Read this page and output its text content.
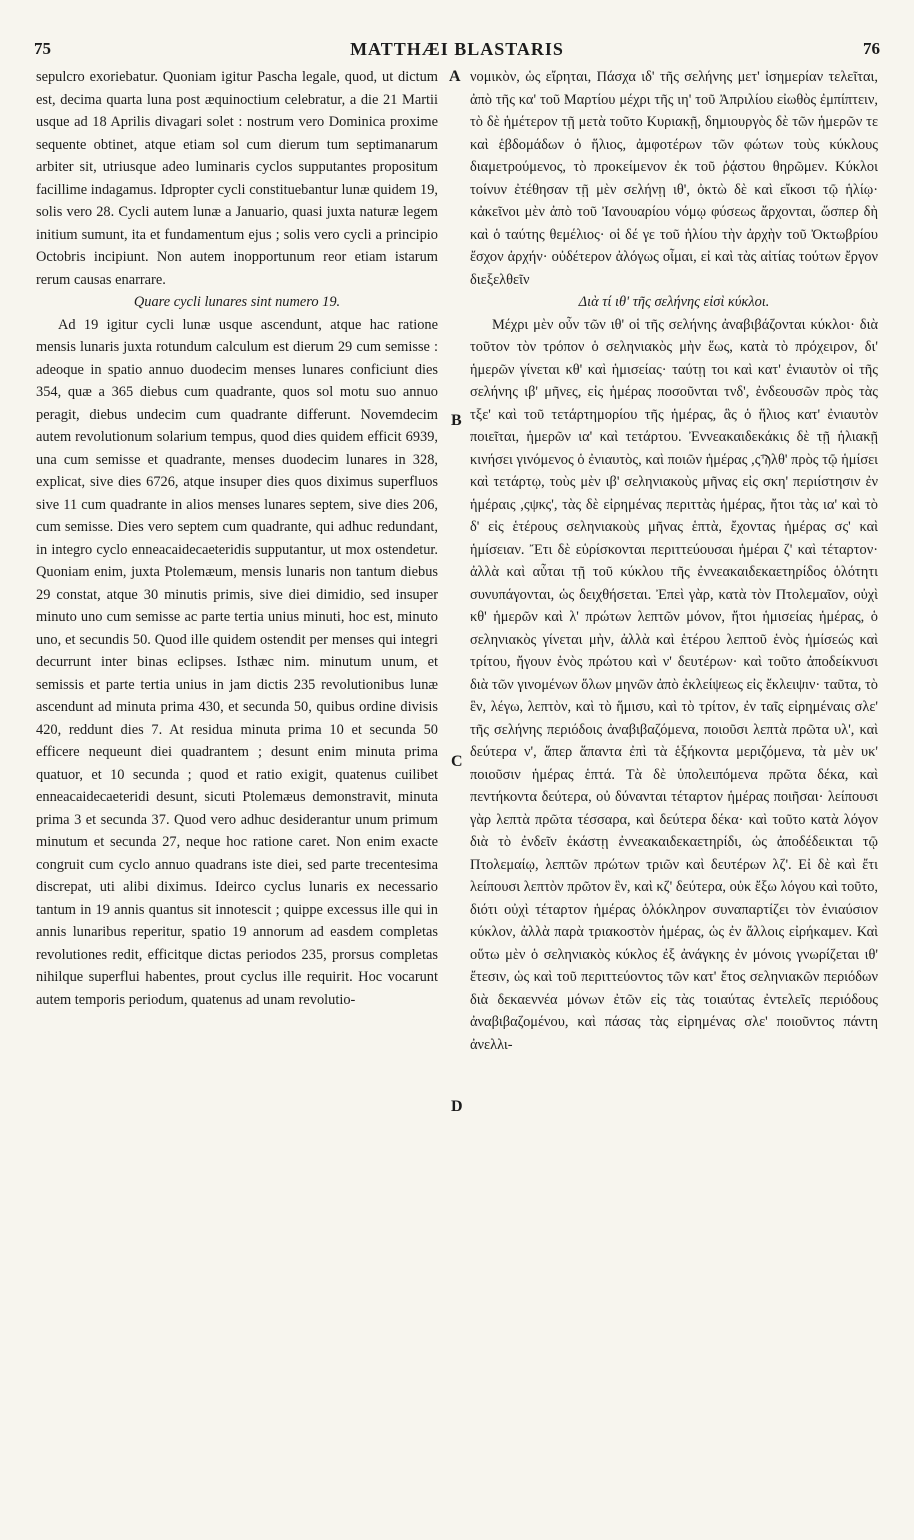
75	MATTHÆI BLASTARIS	76

sepulcro exoriebatur. Quoniam igitur Pascha legale, quod, ut dictum est, decima quarta luna post æquinoctium celebratur, a die 21 Martii usque ad 18 Aprilis divagari solet : nostrum vero Dominica proxime sequente obtinet, atque etiam sol cum dierum tum septimanarum arbiter sit, utriusque adeo luminaris cyclos supputantes propositum facillime indagamus. Idpropter cycli constituebantur lunæ quidem 19, solis vero 28. Cycli autem lunæ a Januario, quasi juxta naturæ legem initium sumunt, ita et fundamentum ejus ; solis vero cycli a principio Octobris incipiunt. Non autem inopportunum reor etiam istarum rerum causas enarrare.

Quare cycli lunares sint numero 19.

Ad 19 igitur cycli lunæ usque ascendunt, atque hac ratione mensis lunaris juxta rotundum calculum est dierum 29 cum semisse : adeoque in spatio annuo duodecim menses lunares conficiunt dies 354, quæ a 365 diebus cum quadrante, quos sol motu suo annuo peragit, diebus undecim cum quadrante differunt. Novemdecim autem revolutionum solarium tempus, quod dies quidem efficit 6939, una cum semisse et quadrante, menses duodecim lunares in 328, explicat, sive dies 6726, atque insuper dies quos diximus superfluos sive 11 cum quadrante in alios menses lunares septem, sive dies 206, cum semisse. Dies vero septem cum quadrante, qui adhuc redundant, in integro cyclo enneacaidecaeteridis supputantur, ut mox ostendetur. Quoniam enim, juxta Ptolemæum, mensis lunaris non tantum diebus 29 constat, atque 30 minutis primis, sive diei dimidio, sed insuper minuto uno cum semisse ac parte tertia unius minuti, hoc est, minuto uno, et secundis 50. Quod ille quidem ostendit per menses qui integri decurrunt inter binas eclipses. Isthæc nim. minutum unum, et semissis et parte tertia unius in jam dictis 235 revolutionibus lunæ ascendunt ad minuta prima 430, et secunda 50, quibus ordine divisis 420, reddunt dies 7. At residua minuta prima 10 et secunda 50 efficere nequeunt diei quadrantem ; desunt enim minuta prima quatuor, et 10 secunda ; quod et ratio exigit, quatenus cuilibet enneacaidecaeteridi desunt, sicuti Ptolemæus demonstravit, minuta prima 3 et secunda 37. Quod vero adhuc desiderantur unum primum minutum et secunda 27, neque hoc ratione caret. Non enim exacte congruit cum cyclo annuo quadrans iste diei, sed parte trecentesima discrepat, uti alibi diximus. Ideirco cyclus lunaris ex necessario tantum in 19 annis quantus sit innotescit ; quippe excessus ille qui in annis lunaribus reperitur, spatio 19 annorum ad easdem completas revolutiones redit, efficitque dictas periodos 235, prorsus completas nihilque superflui habentes, prout cyclus ille requirit. Hoc vocarunt autem temporis periodum, quatenus ad unam revolutio-

νομικὸν, ὡς εἴρηται, Πάσχα ιδ' τῆς σελήνης μετ' ἰσημερίαν τελεῖται, ἀπὸ τῆς κα' τοῦ Μαρτίου μέχρι τῆς ιη' τοῦ Ἀπριλίου εἰωθὸς ἐμπίπτειν, τὸ δὲ ἡμέτερον τῇ μετὰ τοῦτο Κυριακῇ, δημιουργὸς δὲ τῶν ἡμερῶν τε καὶ ἑβδομάδων ὁ ἥλιος, ἀμφοτέρων τῶν φώτων τοὺς κύκλους διαμετρούμενος, τὸ προκείμενον ἐκ τοῦ ῥᾴστου θηρῶμεν. Κύκλοι τοίνυν ἐτέθησαν τῇ μὲν σελήνῃ ιθ', ὀκτὼ δὲ καὶ εἴκοσι τῷ ἡλίῳ· κἀκεῖνοι μὲν ἀπὸ τοῦ Ἰανουαρίου νόμῳ φύσεως ἄρχονται, ὥσπερ δὴ καὶ ὁ ταύτης θεμέλιος· οἱ δέ γε τοῦ ἡλίου τὴν ἀρχὴν τοῦ Ὀκτωβρίου ἔσχον ἀρχήν· οὐδέτερον ἀλόγως οἶμαι, εἰ καὶ τὰς αἰτίας τούτων ἔργον διεξελθεῖν

Διὰ τί ιθ' τῆς σελήνης εἰσὶ κύκλοι.

Μέχρι μὲν οὖν τῶν ιθ' οἱ τῆς σελήνης ἀναβιβάζονται κύκλοι· διὰ τοῦτον τὸν τρόπον ὁ σεληνιακὸς μὴν ἕως, κατὰ τὸ πρόχειρον, δι' ἡμερῶν γίνεται κθ' καὶ ἡμισείας· ταύτῃ τοι καὶ κατ' ἐνιαυτὸν οἱ τῆς σελήνης ιβ' μῆνες, εἰς ἡμέρας ποσοῦνται τνδ', ἐνδεουσῶν πρὸς τὰς τξε' καὶ τοῦ τετάρτημορίου τῆς ἡμέρας, ἃς ὁ ἥλιος κατ' ἐνιαυτὸν ποιεῖται, ἡμερῶν ια' καὶ τετάρτου. Ἐννεακαιδεκάκις δὲ τῇ ἡλιακῇ κινήσει γινόμενος ὁ ἐνιαυτὸς, καὶ ποιῶν ἡμέρας ,ςϠλθ' πρὸς τῷ ἡμίσει καὶ τετάρτῳ, τοὺς μὲν ιβ' σεληνιακοὺς μῆνας εἰς σκη' περιίστησιν ἐν ἡμέραις ,ςψκς', τὰς δὲ εἰρημένας περιττὰς ἡμέρας, ἤτοι τὰς ια' καὶ τὸ δ' εἰς ἑτέρους σεληνιακοὺς μῆνας ἑπτὰ, ἔχοντας ἡμέρας σς' καὶ ἡμίσειαν. Ἔτι δὲ εὑρίσκονται περιττεύουσαι ἡμέραι ζ' καὶ τέταρτον· ἀλλὰ καὶ αὗται τῇ τοῦ κύκλου τῆς ἐννεακαιδεκαετηρίδος ὁλότητι συνυπάγονται, ὡς δειχθήσεται. Ἐπεὶ γὰρ, κατὰ τὸν Πτολεμαῖον, οὐχὶ κθ' ἡμερῶν καὶ λ' πρώτων λεπτῶν μόνον, ἤτοι ἡμισείας ἡμέρας, ὁ σεληνιακὸς γίνεται μὴν, ἀλλὰ καὶ ἑτέρου λεπτοῦ ἑνὸς ἡμίσεώς καὶ τρίτου, ἤγουν ἑνὸς πρώτου καὶ ν' δευτέρων· καὶ τοῦτο ἀποδείκνυσι διὰ τῶν γινομένων ὅλων μηνῶν ἀπὸ ἐκλείψεως εἰς ἔκλειψιν· ταῦτα, τὸ ἓν, λέγω, λεπτὸν, καὶ τὸ ἥμισυ, καὶ τὸ τρίτον, ἐν ταῖς εἰρημέναις σλε' τῆς σελήνης περιόδοις ἀναβιβαζόμενα, ποιοῦσι λεπτὰ πρῶτα υλ', καὶ δεύτερα ν', ἅπερ ἅπαντα ἐπὶ τὰ ἑξήκοντα μεριζόμενα, τὰ μὲν υκ' ποιοῦσιν ἡμέρας ἑπτά. Τὰ δὲ ὑπολειπόμενα πρῶτα δέκα, καὶ πεντήκοντα δεύτερα, οὐ δύνανται τέταρτον ἡμέρας ποιῆσαι· λείπουσι γὰρ λεπτὰ πρῶτα τέσσαρα, καὶ δεύτερα δέκα· καὶ τοῦτο κατὰ λόγον διὰ τὸ ἐνδεῖν ἑκάστῃ ἐννεακαιδεκαετηρίδι, ὡς ἀποδέδεικται τῷ Πτολεμαίῳ, λεπτῶν πρώτων τριῶν καὶ δευτέρων λζ'. Εἰ δὲ καὶ ἔτι λείπουσι λεπτὸν πρῶτον ἓν, καὶ κζ' δεύτερα, οὐκ ἔξω λόγου καὶ τοῦτο, διότι οὐχὶ τέταρτον ἡμέρας ὁλόκληρον συναπαρτίζει τὸν ἐνιαύσιον κύκλον, ἀλλὰ παρὰ τριακοστὸν ἡμέρας, ὡς ἐν ἄλλοις εἰρήκαμεν. Καὶ οὕτω μὲν ὁ σεληνιακὸς κύκλος ἐξ ἀνάγκης ἐν μόνοις γνωρίζεται ιθ' ἔτεσιν, ὡς καὶ τοῦ περιττεύοντος τῶν κατ' ἔτος σεληνιακῶν περιόδων διὰ δεκαεννέα μόνων ἐτῶν εἰς τὰς τοιαύτας ἐντελεῖς περιόδους ἀναβιβαζομένου, καὶ πάσας τὰς εἰρημένας σλε' ποιοῦντος πάντη ἀνελλι-

A
B
C
D
